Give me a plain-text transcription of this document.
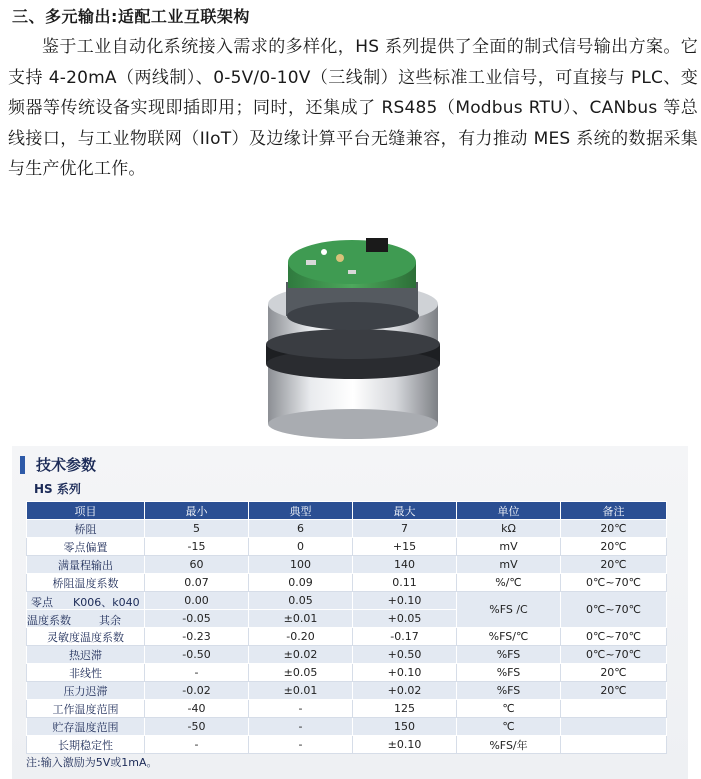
三、多元输出:适配工业互联架构
鉴于工业自动化系统接入需求的多样化，HS 系列提供了全面的制式信号输出方案。它支持 4-20mA（两线制）、0-5V/0-10V（三线制）这些标准工业信号，可直接与 PLC、变频器等传统设备实现即插即用；同时，还集成了 RS485（Modbus RTU）、CANbus 等总线接口，与工业物联网（IIoT）及边缘计算平台无缝兼容，有力推动 MES 系统的数据采集与生产优化工作。
技术参数
HS 系列
项目	最小	典型	最大	单位	备注
桥阻	5	6	7	kΩ	20℃
零点偏置	-15	0	+15	mV	20℃
满量程输出	60	100	140	mV	20℃
桥阻温度系数	0.07	0.09	0.11	%/℃	0℃~70℃

零点 K006、k040	0.00	0.05	+0.10	%FS /C	0℃~70℃

温度系数 其余	-0.05	±0.01	+0.05		
灵敏度温度系数	-0.23	-0.20	-0.17	%FS/℃	0℃~70℃
热迟滞	-0.50	±0.02	+0.50	%FS	0℃~70℃
非线性	-	±0.05	+0.10	%FS	20℃
压力迟滞	-0.02	±0.01	+0.02	%FS	20℃
工作温度范围	-40	-	125	℃	
贮存温度范围	-50	-	150	℃	
长期稳定性	-	-	±0.10	%FS/年	
注:输入激励为5V或1mA。
